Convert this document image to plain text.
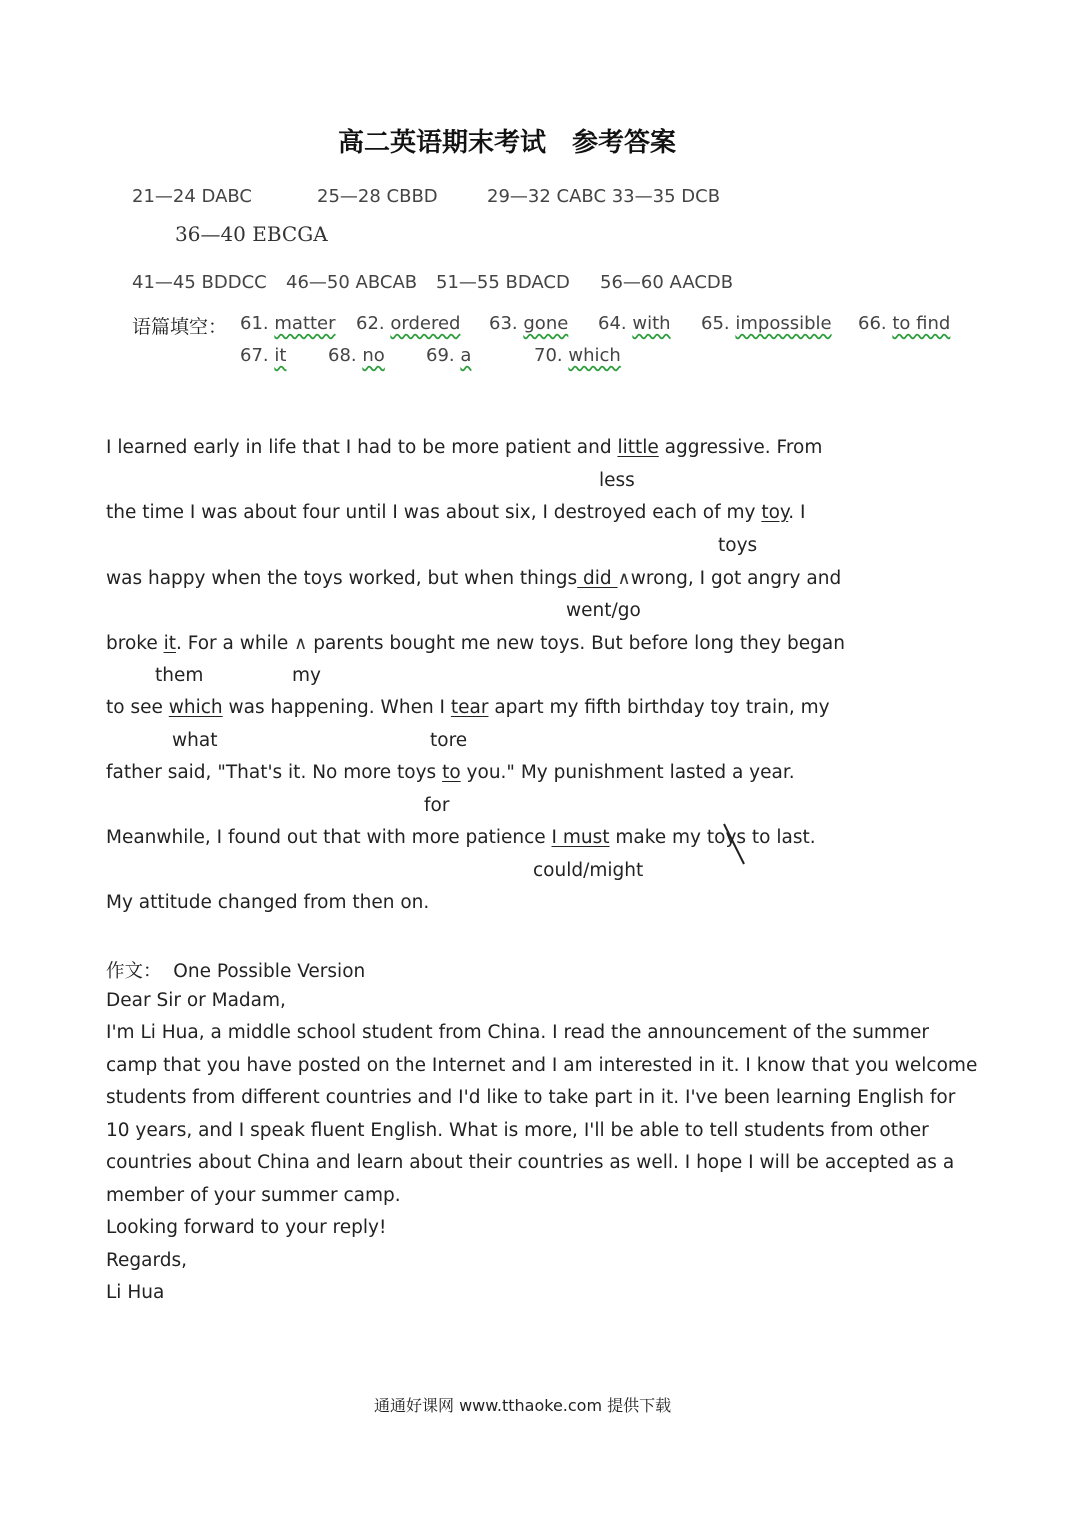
高二英语期末考试　参考答案
21—24 DABC	25—28 CBBD	29—32 CABC 33—35 DCB
36—40 EBCGA
41—45 BDDCC 46—50 ABCAB 51—55 BDACD 56—60 AACDB
语篇填空： 61. matter 62. ordered 63. gone 64. with 65. impossible 66. to find
67. it 68. no 69. a	70. which
I learned early in life that I had to be more patient and little aggressive. From
less
the time I was about four until I was about six, I destroyed each of my toy. I
toys
was happy when the toys worked, but when things did ∧wrong, I got angry and
went/go
broke it. For a while ∧ parents bought me new toys. But before long they began
them	my
to see which was happening. When I tear apart my fifth birthday toy train, my
what	tore
father said, "That's it. No more toys to you." My punishment lasted a year.
for
Meanwhile, I found out that with more patience I must make my toys to last.
could/might
My attitude changed from then on.
作文： One Possible Version
Dear Sir or Madam,
I'm Li Hua, a middle school student from China. I read the announcement of the summer
camp that you have posted on the Internet and I am interested in it. I know that you welcome
students from different countries and I'd like to take part in it. I've been learning English for
10 years, and I speak fluent English. What is more, I'll be able to tell students from other
countries about China and learn about their countries as well. I hope I will be accepted as a
member of your summer camp.
Looking forward to your reply!
Regards,
Li Hua
通通好课网 www.tthaoke.com 提供下载
